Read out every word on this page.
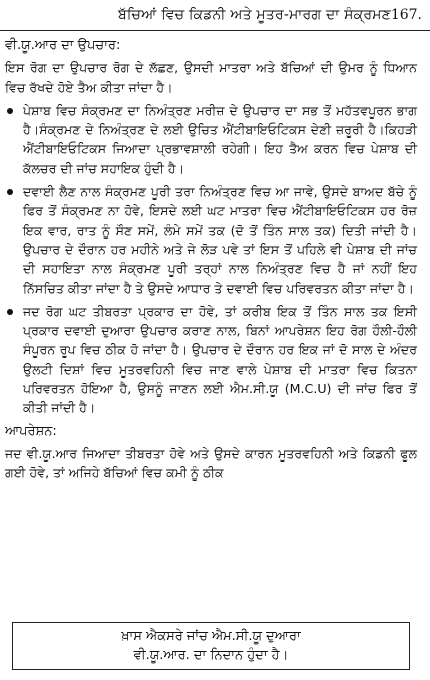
ਬੱਚਿਆਂ ਵਿਚ ਕਿਡਨੀ ਅਤੇ ਮੂਤਰ-ਮਾਰਗ ਦਾ ਸੰਕ੍ਰਮਣ 167.

ਵੀ.ਯੂ.ਆਰ ਦਾ ਉਪਚਾਰ:

ਇਸ ਰੋਗ ਦਾ ਉਪਚਾਰ ਰੋਗ ਦੇ ਲੱਛਣ, ਉਸਦੀ ਮਾਤਰਾ ਅਤੇ ਬੱਚਿਆਂ ਦੀ ਉਮਰ ਨੂੰ ਧਿਆਨ ਵਿਚ ਰੱਖਦੇ ਹੋਏ ਤੈਅ ਕੀਤਾ ਜਾਂਦਾ ਹੈ।

ਪੇਸ਼ਾਬ ਵਿਚ ਸੰਕ੍ਰਮਣ ਦਾ ਨਿਅੰਤ੍ਰਣ ਮਰੀਜ਼ ਦੇ ਉਪਚਾਰ ਦਾ ਸਭ ਤੋਂ ਮਹੱਤਵਪੂਰਨ ਭਾਗ ਹੈ।ਸੰਕ੍ਰਮਣ ਦੇ ਨਿਅੰਤ੍ਰਣ ਦੇ ਲਈ ਉਚਿਤ ਐਂਟੀਬਾਇਓਟਿਕਸ ਦੇਣੀ ਜ਼ਰੂਰੀ ਹੈ।ਕਿਹੜੀ ਐਂਟੀਬਾਇਓਟਿਕਸ ਜਿਆਦਾ ਪ੍ਰਭਾਵਸ਼ਾਲੀ ਰਹੇਗੀ। ਇਹ ਤੈਅ ਕਰਨ ਵਿਚ ਪੇਸ਼ਾਬ ਦੀ ਕੱਲਚਰ ਦੀ ਜਾਂਚ ਸਹਾਇਕ ਹੁੰਦੀ ਹੈ।
ਦਵਾਈ ਲੈਣ ਨਾਲ ਸੰਕ੍ਰਮਣ ਪੂਰੀ ਤਰਾ ਨਿਅੰਤ੍ਰਣ ਵਿਚ ਆ ਜਾਵੇ, ਉਸਦੇ ਬਾਅਦ ਬੱਚੇ ਨੂੰ ਫਿਰ ਤੋਂ ਸੰਕ੍ਰਮਣ ਨਾ ਹੋਵੇ, ਇਸਦੇ ਲਈ ਘਟ ਮਾਤਰਾ ਵਿਚ ਐਂਟੀਬਾਇਓਟਿਕਸ ਹਰ ਰੋਜ਼ ਇਕ ਵਾਰ, ਰਾਤ ਨੂੰ ਸੌਣ ਸਮੇਂ, ਲੰਮੇ ਸਮੇਂ ਤਕ (ਦੋ ਤੋਂ ਤਿੰਨ ਸਾਲ ਤਕ) ਦਿਤੀ ਜਾਂਦੀ ਹੈ। ਉਪਚਾਰ ਦੇ ਦੌਰਾਨ ਹਰ ਮਹੀਨੇ ਅਤੇ ਜੇ ਲੋੜ ਪਵੇ ਤਾਂ ਇਸ ਤੋਂ ਪਹਿਲੇ ਵੀ ਪੇਸ਼ਾਬ ਦੀ ਜਾਂਚ ਦੀ ਸਹਾਇਤਾ ਨਾਲ ਸੰਕ੍ਰਮਣ ਪੂਰੀ ਤਰ੍ਹਾਂ ਨਾਲ ਨਿਅੰਤ੍ਰਣ ਵਿਚ ਹੈ ਜਾਂ ਨਹੀਂ ਇਹ ਨਿੱਸਚਿਤ ਕੀਤਾ ਜਾਂਦਾ ਹੈ ਤੇ ਉਸਦੇ ਆਧਾਰ ਤੇ ਦਵਾਈ ਵਿਚ ਪਰਿਵਰਤਨ ਕੀਤਾ ਜਾਂਦਾ ਹੈ।
ਜਦ ਰੋਗ ਘਟ ਤੀਬਰਤਾ ਪ੍ਰਕਾਰ ਦਾ ਹੋਵੇ, ਤਾਂ ਕਰੀਬ ਇਕ ਤੋਂ ਤਿੰਨ ਸਾਲ ਤਕ ਇਸੀ ਪ੍ਰਕਾਰ ਦਵਾਈ ਦੁਆਰਾ ਉਪਚਾਰ ਕਰਾਣ ਨਾਲ, ਬਿਨਾਂ ਆਪਰੇਸ਼ਨ ਇਹ ਰੋਗ ਹੌਲੀ-ਹੌਲੀ ਸੰਪੂਰਨ ਰੂਪ ਵਿਚ ਠੀਕ ਹੋ ਜਾਂਦਾ ਹੈ। ਉਪਚਾਰ ਦੇ ਦੌਰਾਨ ਹਰ ਇਕ ਜਾਂ ਦੋ ਸਾਲ ਦੇ ਅੰਦਰ ਉਲਟੀ ਦਿਸ਼ਾਂ ਵਿਚ ਮੂਤਰਵਹਿਨੀ ਵਿਚ ਜਾਣ ਵਾਲੇ ਪੇਸ਼ਾਬ ਦੀ ਮਾਤਰਾ ਵਿਚ ਕਿਤਨਾ ਪਰਿਵਰਤਨ ਹੋਇਆ ਹੈ, ਉਸਨੂੰ ਜਾਣਨ ਲਈ ਐਮ.ਸੀ.ਯੂ (M.C.U) ਦੀ ਜਾਂਚ ਫਿਰ ਤੋਂ ਕੀਤੀ ਜਾਂਦੀ ਹੈ।

ਆਪਰੇਸ਼ਨ:

ਜਦ ਵੀ.ਯੂ.ਆਰ ਜਿਆਦਾ ਤੀਬਰਤਾ ਹੋਵੇ ਅਤੇ ਉਸਦੇ ਕਾਰਨ ਮੂਤਰਵਹਿਨੀ ਅਤੇ ਕਿਡਨੀ ਫੂਲ ਗਈ ਹੋਵੇ, ਤਾਂ ਅਜਿਹੇ ਬੱਚਿਆਂ ਵਿਚ ਕਮੀ ਨੂੰ ਠੀਕ

ਖ਼ਾਸ ਐਕਸਰੇ ਜਾਂਚ ਐਮ.ਸੀ.ਯੂ ਦੁਆਰਾ
ਵੀ.ਯੂ.ਆਰ. ਦਾ ਨਿਦਾਨ ਹੁੰਦਾ ਹੈ।
